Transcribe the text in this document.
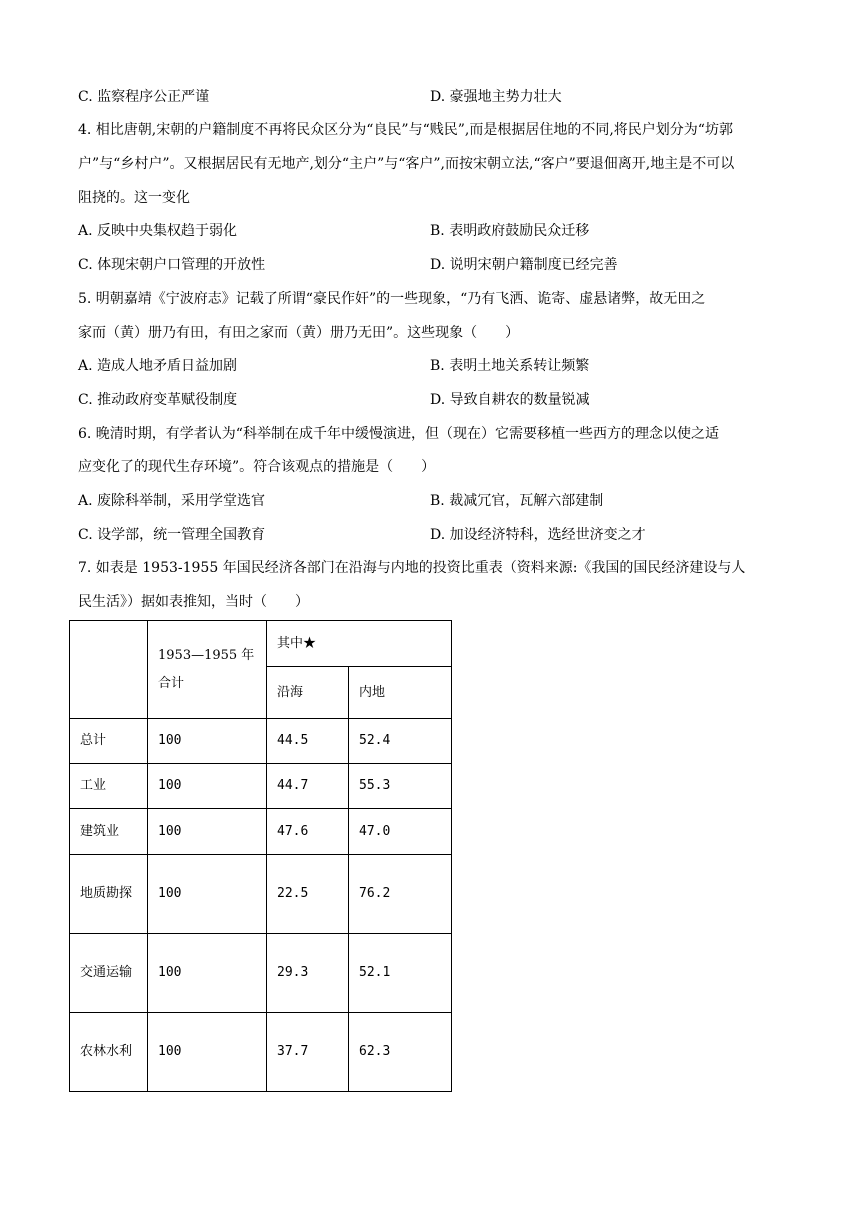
C. 监察程序公正严谨	D. 豪强地主势力壮大
4. 相比唐朝,宋朝的户籍制度不再将民众区分为“良民”与“贱民”,而是根据居住地的不同,将民户划分为“坊郭
户”与“乡村户”。又根据居民有无地产,划分“主户”与“客户”,而按宋朝立法,“客户”要退佃离开,地主是不可以
阻挠的。这一变化
A. 反映中央集权趋于弱化	B. 表明政府鼓励民众迁移
C. 体现宋朝户口管理的开放性	D. 说明宋朝户籍制度已经完善
5. 明朝嘉靖《宁波府志》记载了所谓“豪民作奸”的一些现象，“乃有飞洒、诡寄、虚悬诸弊，故无田之
家而（黄）册乃有田，有田之家而（黄）册乃无田”。这些现象（　　）
A. 造成人地矛盾日益加剧	B. 表明土地关系转让频繁
C. 推动政府变革赋役制度	D. 导致自耕农的数量锐减
6. 晚清时期，有学者认为“科举制在成千年中缓慢演进，但（现在）它需要移植一些西方的理念以使之适
应变化了的现代生存环境”。符合该观点的措施是（　　）
A. 废除科举制，采用学堂选官	B. 裁减冗官，瓦解六部建制
C. 设学部，统一管理全国教育	D. 加设经济特科，选经世济变之才
7. 如表是 1953-1955 年国民经济各部门在沿海与内地的投资比重表（资料来源:《我国的国民经济建设与人
民生活》）据如表推知，当时（　　）
	1953—1955 年合计	其中★	
		沿海	内地
总计	100	44.5	52.4
工业	100	44.7	55.3
建筑业	100	47.6	47.0
地质勘探	100	22.5	76.2
交通运输	100	29.3	52.1
农林水利	100	37.7	62.3
